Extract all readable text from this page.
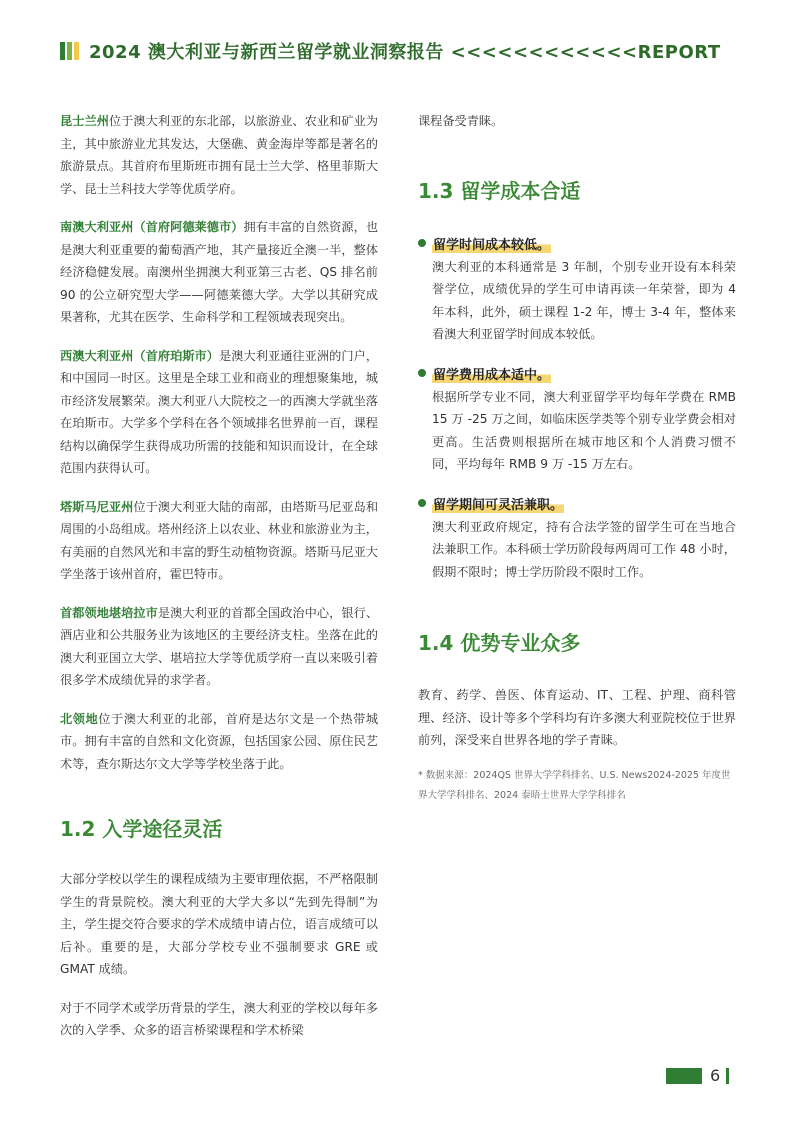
2024 澳大利亚与新西兰留学就业洞察报告 <<<<<<<<<<<<REPORT

昆士兰州位于澳大利亚的东北部，以旅游业、农业和矿业为主，其中旅游业尤其发达，大堡礁、黄金海岸等都是著名的旅游景点。其首府布里斯班市拥有昆士兰大学、格里菲斯大学、昆士兰科技大学等优质学府。

南澳大利亚州（首府阿德莱德市）拥有丰富的自然资源，也是澳大利亚重要的葡萄酒产地，其产量接近全澳一半，整体经济稳健发展。南澳州坐拥澳大利亚第三古老、QS 排名前 90 的公立研究型大学——阿德莱德大学。大学以其研究成果著称，尤其在医学、生命科学和工程领域表现突出。

西澳大利亚州（首府珀斯市）是澳大利亚通往亚洲的门户，和中国同一时区。这里是全球工业和商业的理想聚集地，城市经济发展繁荣。澳大利亚八大院校之一的西澳大学就坐落在珀斯市。大学多个学科在各个领域排名世界前一百，课程结构以确保学生获得成功所需的技能和知识而设计，在全球范围内获得认可。

塔斯马尼亚州位于澳大利亚大陆的南部，由塔斯马尼亚岛和周围的小岛组成。塔州经济上以农业、林业和旅游业为主，有美丽的自然风光和丰富的野生动植物资源。塔斯马尼亚大学坐落于该州首府，霍巴特市。

首都领地堪培拉市是澳大利亚的首都全国政治中心，银行、酒店业和公共服务业为该地区的主要经济支柱。坐落在此的澳大利亚国立大学、堪培拉大学等优质学府一直以来吸引着很多学术成绩优异的求学者。

北领地位于澳大利亚的北部，首府是达尔文是一个热带城市。拥有丰富的自然和文化资源，包括国家公园、原住民艺术等，查尔斯达尔文大学等学校坐落于此。

1.2 入学途径灵活

大部分学校以学生的课程成绩为主要审理依据，不严格限制学生的背景院校。澳大利亚的大学大多以“先到先得制”为主，学生提交符合要求的学术成绩申请占位，语言成绩可以后补。重要的是，大部分学校专业不强制要求 GRE 或 GMAT 成绩。

对于不同学术或学历背景的学生，澳大利亚的学校以每年多次的入学季、众多的语言桥梁课程和学术桥梁

课程备受青睐。

1.3 留学成本合适
留学时间成本较低。

澳大利亚的本科通常是 3 年制，个别专业开设有本科荣誉学位，成绩优异的学生可申请再读一年荣誉，即为 4 年本科，此外，硕士课程 1-2 年，博士 3-4 年，整体来看澳大利亚留学时间成本较低。

留学费用成本适中。

根据所学专业不同，澳大利亚留学平均每年学费在 RMB 15 万 -25 万之间，如临床医学类等个别专业学费会相对更高。生活费则根据所在城市地区和个人消费习惯不同，平均每年 RMB 9 万 -15 万左右。

留学期间可灵活兼职。

澳大利亚政府规定，持有合法学签的留学生可在当地合法兼职工作。本科硕士学历阶段每两周可工作 48 小时，假期不限时；博士学历阶段不限时工作。

1.4 优势专业众多

教育、药学、兽医、体育运动、IT、工程、护理、商科管理、经济、设计等多个学科均有许多澳大利亚院校位于世界前列，深受来自世界各地的学子青睐。

* 数据来源：2024QS 世界大学学科排名、U.S. News2024-2025 年度世界大学学科排名、2024 泰晤士世界大学学科排名

6
